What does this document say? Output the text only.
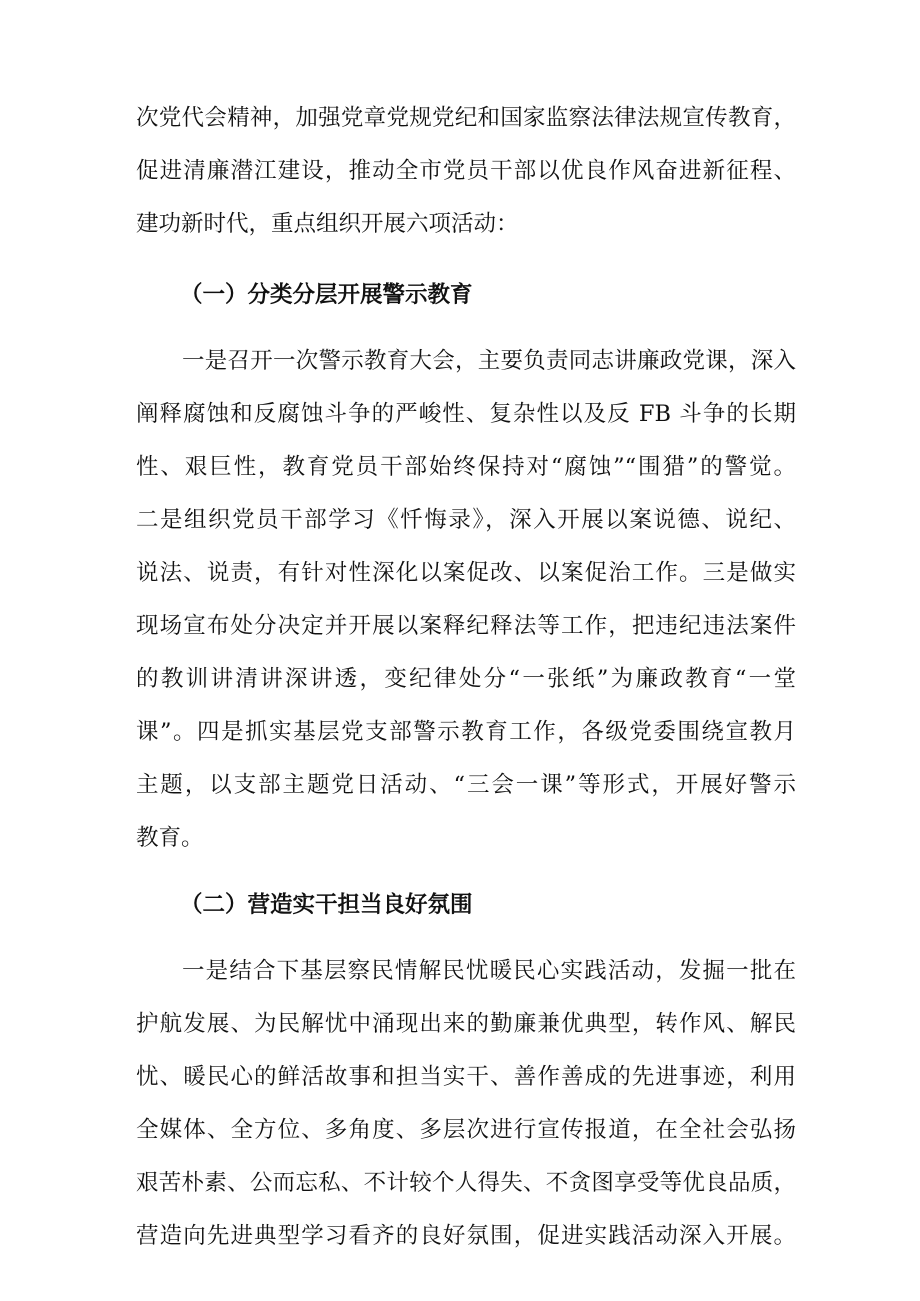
次党代会精神，加强党章党规党纪和国家监察法律法规宣传教育，
促进清廉潜江建设，推动全市党员干部以优良作风奋进新征程、
建功新时代，重点组织开展六项活动：
（一）分类分层开展警示教育
一是召开一次警示教育大会，主要负责同志讲廉政党课，深入
阐释腐蚀和反腐蚀斗争的严峻性、复杂性以及反 FB 斗争的长期
性、艰巨性，教育党员干部始终保持对“腐蚀”“围猎”的警觉。
二是组织党员干部学习《忏悔录》，深入开展以案说德、说纪、
说法、说责，有针对性深化以案促改、以案促治工作。三是做实
现场宣布处分决定并开展以案释纪释法等工作，把违纪违法案件
的教训讲清讲深讲透，变纪律处分“一张纸”为廉政教育“一堂
课”。四是抓实基层党支部警示教育工作，各级党委围绕宣教月
主题，以支部主题党日活动、“三会一课”等形式，开展好警示
教育。
（二）营造实干担当良好氛围
一是结合下基层察民情解民忧暖民心实践活动，发掘一批在
护航发展、为民解忧中涌现出来的勤廉兼优典型，转作风、解民
忧、暖民心的鲜活故事和担当实干、善作善成的先进事迹，利用
全媒体、全方位、多角度、多层次进行宣传报道，在全社会弘扬
艰苦朴素、公而忘私、不计较个人得失、不贪图享受等优良品质，
营造向先进典型学习看齐的良好氛围，促进实践活动深入开展。
